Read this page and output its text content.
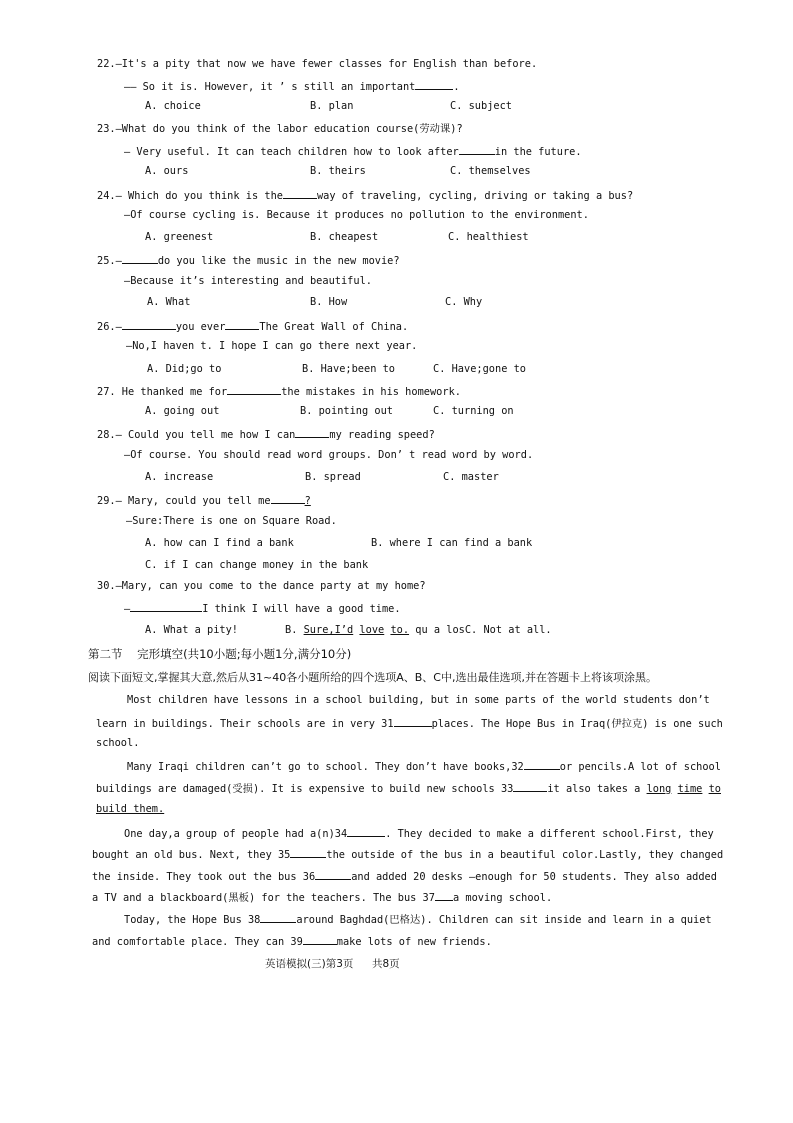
22.—It's a pity that now we have fewer classes for English than before.
—— So it is. However, it ’ s still an important	.
A. choice	B. plan	C. subject
23.—What do you think of the labor education course(劳动课)?
— Very useful. It can teach children how to look after	in the future.
A. ours	B. theirs	C. themselves
24.— Which do you think is the	way of traveling, cycling, driving or taking a bus?
—Of course cycling is. Because it produces no pollution to the environment.
A. greenest	B. cheapest	C. healthiest
25.—	do you like the music in the new movie?
—Because it’s interesting and beautiful.
A. What	B. How	C. Why
26.—	you ever	The Great Wall of China.
—No,I haven t. I hope I can go there next year.
A. Did;go to	B. Have;been to	C. Have;gone to
27. He thanked me for	the mistakes in his homework.
A. going out	B. pointing out	C. turning on
28.— Could you tell me how I can	my reading speed?
—Of course. You should read word groups. Don’ t read word by word.
A. increase	B. spread	C. master
29.— Mary, could you tell me	?
—Sure:There is one on Square Road.
A. how can I find a bank	B. where I can find a bank
C. if I can change money in the bank
30.—Mary, can you come to the dance party at my home?
—	I think I will have a good time.
A. What a pity!	B. Sure,I’d love to. qu a losC. Not at all.
第二节    完形填空(共10小题;每小题1分,满分10分)
阅读下面短文,掌握其大意,然后从31~40各小题所给的四个选项A、B、C中,选出最佳选项,并在答题卡上将该项涂黑。
Most children have lessons in a school building, but in some parts of the world students don’t
learn in buildings. Their schools are in very 31	places. The Hope Bus in Iraq(伊拉克) is one such
school.
Many Iraqi children can’t go to school. They don’t have books,32	or pencils.A lot of school
buildings are damaged(受损). It is expensive to build new schools 33	it also takes a long time to
build them.
One day,a group of people had a(n)34	. They decided to make a different school.First, they
bought an old bus. Next, they 35	the outside of the bus in a beautiful color.Lastly, they changed
the inside. They took out the bus 36	and added 20 desks —enough for 50 students. They also added
a TV and a blackboard(黑板) for the teachers. The bus 37 a moving school.
Today, the Hope Bus 38	around Baghdad(巴格达). Children can sit inside and learn in a quiet
and comfortable place. They can 39	make lots of new friends.
英语模拟(三)第3页 共8页
